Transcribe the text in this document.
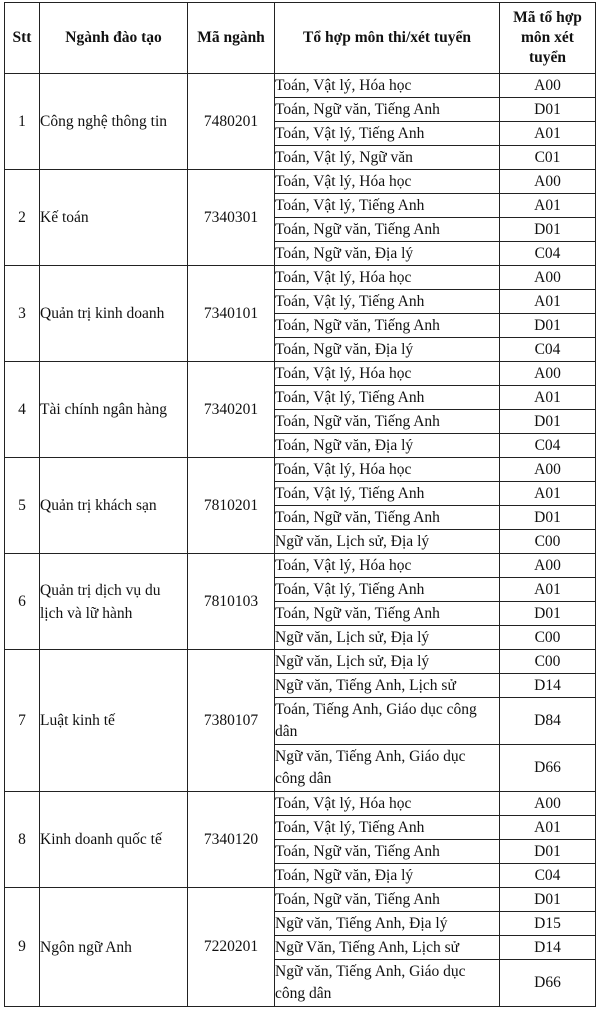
Stt	Ngành đào tạo	Mã ngành	Tổ hợp môn thi/xét tuyển	Mã tổ hợp môn xét tuyển
1	Công nghệ thông tin	7480201	Toán, Vật lý, Hóa học	A00
			Toán, Ngữ văn, Tiếng Anh	D01
			Toán, Vật lý, Tiếng Anh	A01
			Toán, Vật lý, Ngữ văn	C01
2	Kế toán	7340301	Toán, Vật lý, Hóa học	A00
			Toán, Vật lý, Tiếng Anh	A01
			Toán, Ngữ văn, Tiếng Anh	D01
			Toán, Ngữ văn, Địa lý	C04
3	Quản trị kinh doanh	7340101	Toán, Vật lý, Hóa học	A00
			Toán, Vật lý, Tiếng Anh	A01
			Toán, Ngữ văn, Tiếng Anh	D01
			Toán, Ngữ văn, Địa lý	C04
4	Tài chính ngân hàng	7340201	Toán, Vật lý, Hóa học	A00
			Toán, Vật lý, Tiếng Anh	A01
			Toán, Ngữ văn, Tiếng Anh	D01
			Toán, Ngữ văn, Địa lý	C04
5	Quản trị khách sạn	7810201	Toán, Vật lý, Hóa học	A00
			Toán, Vật lý, Tiếng Anh	A01
			Toán, Ngữ văn, Tiếng Anh	D01
			Ngữ văn, Lịch sử, Địa lý	C00
6	Quản trị dịch vụ du lịch và lữ hành	7810103	Toán, Vật lý, Hóa học	A00
			Toán, Vật lý, Tiếng Anh	A01
			Toán, Ngữ văn, Tiếng Anh	D01
			Ngữ văn, Lịch sử, Địa lý	C00
7	Luật kinh tế	7380107	Ngữ văn, Lịch sử, Địa lý	C00
			Ngữ văn, Tiếng Anh, Lịch sử	D14
			Toán, Tiếng Anh, Giáo dục công dân	D84
			Ngữ văn, Tiếng Anh, Giáo dục công dân	D66
8	Kinh doanh quốc tế	7340120	Toán, Vật lý, Hóa học	A00
			Toán, Vật lý, Tiếng Anh	A01
			Toán, Ngữ văn, Tiếng Anh	D01
			Toán, Ngữ văn, Địa lý	C04
9	Ngôn ngữ Anh	7220201	Toán, Ngữ văn, Tiếng Anh	D01
			Ngữ văn, Tiếng Anh, Địa lý	D15
			Ngữ Văn, Tiếng Anh, Lịch sử	D14
			Ngữ văn, Tiếng Anh, Giáo dục công dân	D66
